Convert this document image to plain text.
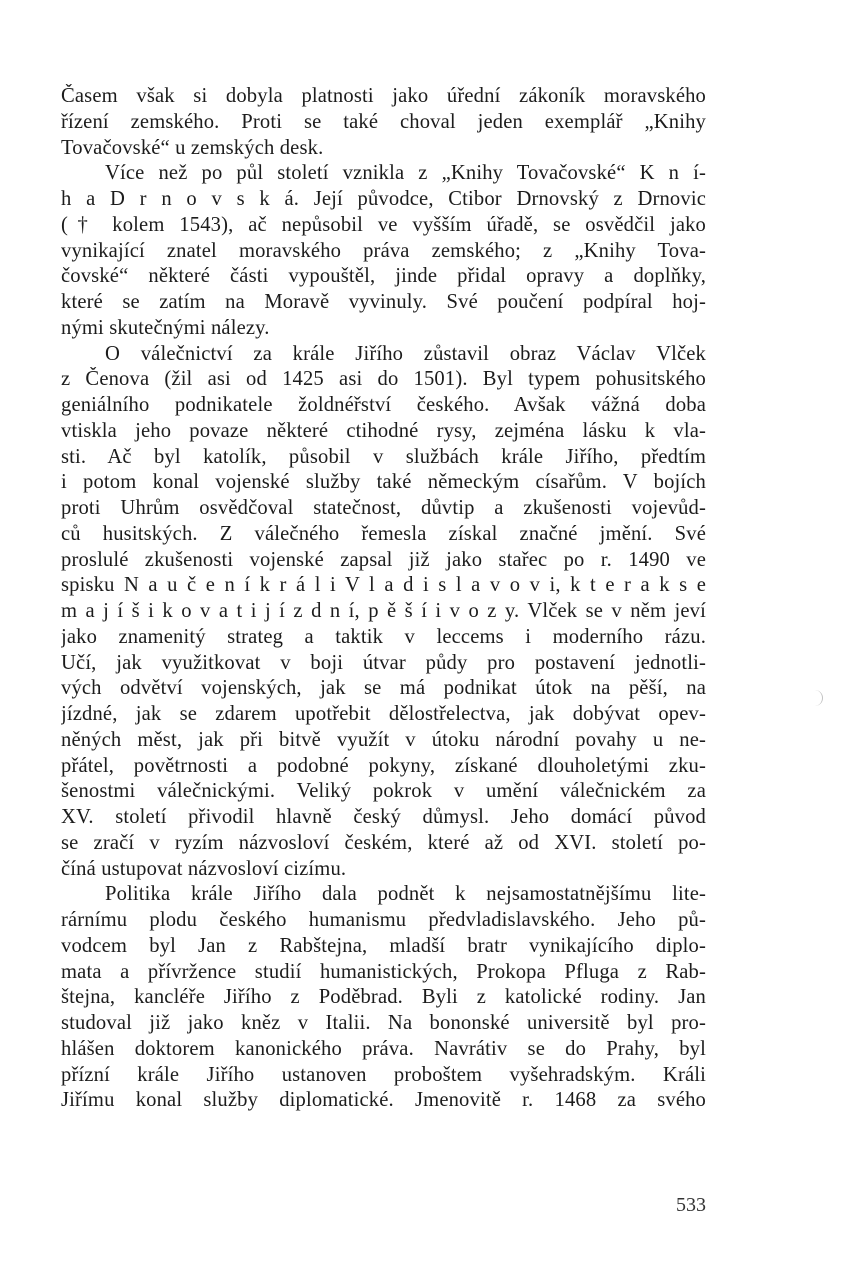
Časem však si dobyla platnosti jako úřední zákoník moravského
řízení zemského. Proti se také choval jeden exemplář „Knihy
Tovačovské“ u zemských desk.
Více než po půl století vznikla z „Knihy Tovačovské“ K n í-
h a D r n o v s k á. Její původce, Ctibor Drnovský z Drnovic
(† kolem 1543), ač nepůsobil ve vyšším úřadě, se osvědčil jako
vynikající znatel moravského práva zemského; z „Knihy Tova-
čovské“ některé části vypouštěl, jinde přidal opravy a doplňky,
které se zatím na Moravě vyvinuly. Své poučení podpíral hoj-
nými skutečnými nálezy.
O válečnictví za krále Jiřího zůstavil obraz Václav Vlček
z Čenova (žil asi od 1425 asi do 1501). Byl typem pohusitského
geniálního podnikatele žoldnéřství českého. Avšak vážná doba
vtiskla jeho povaze některé ctihodné rysy, zejména lásku k vla-
sti. Ač byl katolík, působil v službách krále Jiřího, předtím
i potom konal vojenské služby také německým císařům. V bojích
proti Uhrům osvědčoval statečnost, důvtip a zkušenosti vojevůd-
ců husitských. Z válečného řemesla získal značné jmění. Své
proslulé zkušenosti vojenské zapsal již jako stařec po r. 1490 ve
spisku N a u č e n í k r á l i V l a d i s l a v o v i, k t e r a k s e
m a j í š i k o v a t i j í z d n í, p ě š í i v o z y. Vlček se v něm jeví
jako znamenitý strateg a taktik v leccems i moderního rázu.
Učí, jak využitkovat v boji útvar půdy pro postavení jednotli-
vých odvětví vojenských, jak se má podnikat útok na pěší, na
jízdné, jak se zdarem upotřebit dělostřelectva, jak dobývat opev-
něných měst, jak při bitvě využít v útoku národní povahy u ne-
přátel, povětrnosti a podobné pokyny, získané dlouholetými zku-
šenostmi válečnickými. Veliký pokrok v umění válečnickém za
XV. století přivodil hlavně český důmysl. Jeho domácí původ
se zračí v ryzím názvosloví českém, které až od XVI. století po-
číná ustupovat názvosloví cizímu.
Politika krále Jiřího dala podnět k nejsamostatnějšímu lite-
rárnímu plodu českého humanismu předvladislavského. Jeho pů-
vodcem byl Jan z Rabštejna, mladší bratr vynikajícího diplo-
mata a přívržence studií humanistických, Prokopa Pfluga z Rab-
štejna, kancléře Jiřího z Poděbrad. Byli z katolické rodiny. Jan
studoval již jako kněz v Italii. Na bononské universitě byl pro-
hlášen doktorem kanonického práva. Navrátiv se do Prahy, byl
přízní krále Jiřího ustanoven proboštem vyšehradským. Králi
Jiřímu konal služby diplomatické. Jmenovitě r. 1468 za svého
533
